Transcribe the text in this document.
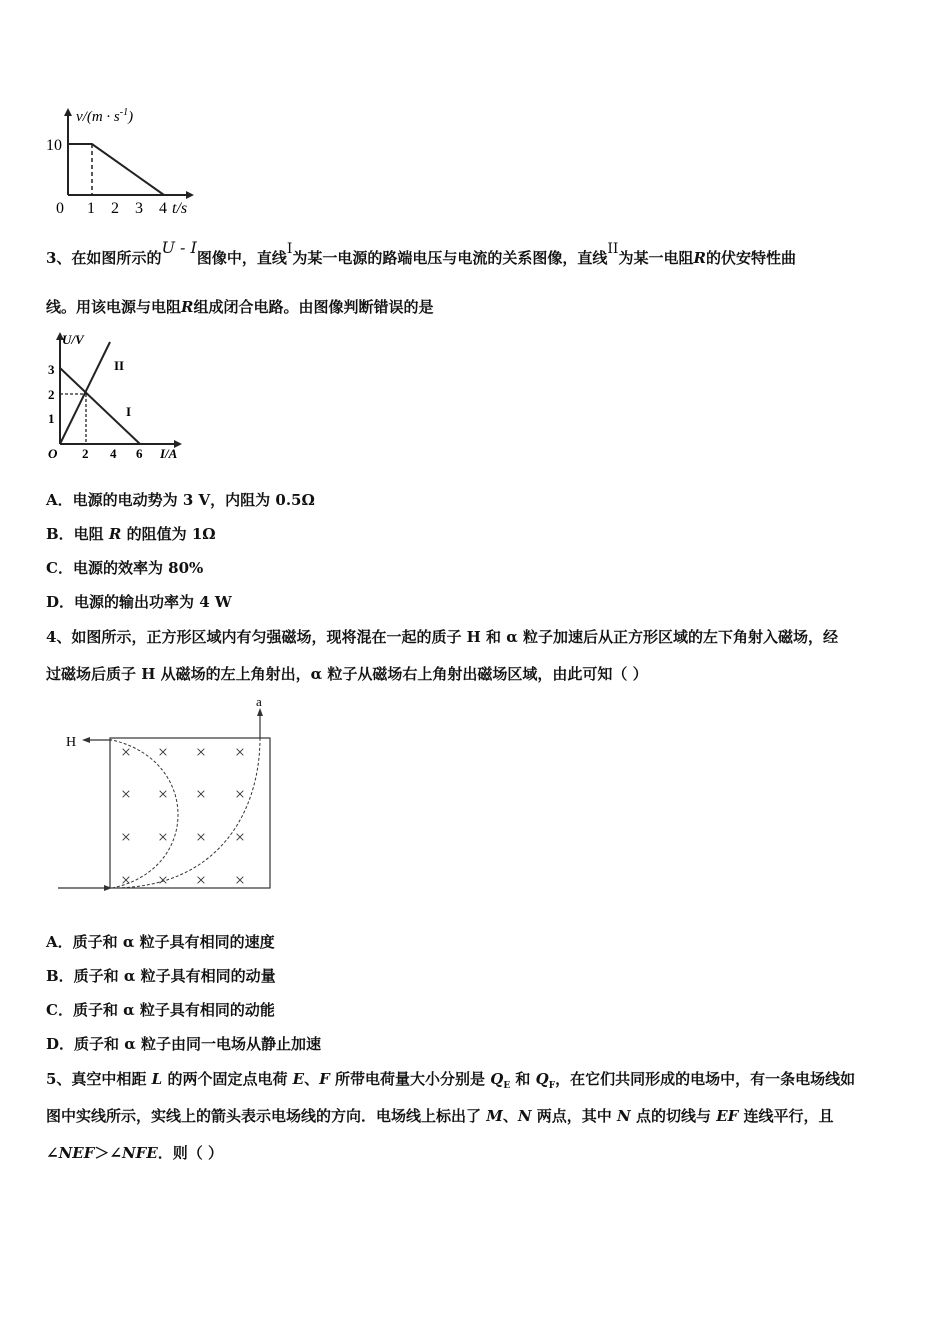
$v/(m \cdot s^{-1})$
10
0 1 2 3 4 t/s
3、在如图所示的U - I图像中，直线I为某一电源的路端电压与电流的关系图像，直线II为某一电阻R的伏安特性曲
线。用该电源与电阻R组成闭合电路。由图像判断错误的是
U/V
II
I
3
2
1
O 2 4 6 I/A
A．电源的电动势为 3 V，内阻为 0.5Ω
B．电阻 R 的阻值为 1Ω
C．电源的效率为 80%
D．电源的输出功率为 4 W
4、如图所示，正方形区域内有匀强磁场，现将混在一起的质子 H 和 α 粒子加速后从正方形区域的左下角射入磁场，经
过磁场后质子 H 从磁场的左上角射出，α 粒子从磁场右上角射出磁场区域，由此可知（ ）
H
a
× × × ×
× × × ×
× × × ×
× × × ×
A．质子和 α 粒子具有相同的速度
B．质子和 α 粒子具有相同的动量
C．质子和 α 粒子具有相同的动能
D．质子和 α 粒子由同一电场从静止加速
5、真空中相距 L 的两个固定点电荷 E、F 所带电荷量大小分别是 $Q_E$ 和 $Q_F$，在它们共同形成的电场中，有一条电场线如
图中实线所示，实线上的箭头表示电场线的方向．电场线上标出了 M、N 两点，其中 N 点的切线与 EF 连线平行，且
∠NEF＞∠NFE．则（ ）
